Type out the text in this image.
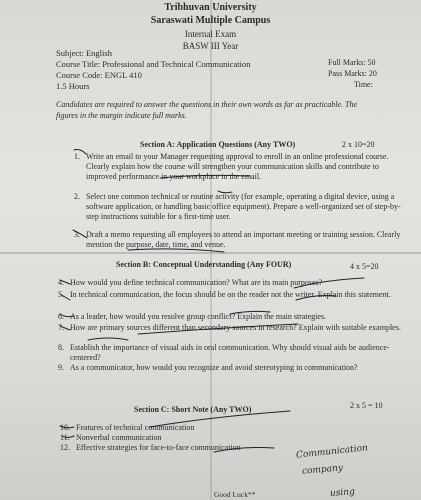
Tribhuvan University
Saraswati Multiple Campus
Internal Exam
BASW III Year
Subject: English
Course Title: Professional and Technical Communication
Course Code: ENGL 410
1.5 Hours
Full Marks: 50
Pass Marks: 20
Time:
Candidates are required to answer the questions in their own words as far as practicable. The
figures in the margin indicate full marks.
Section A: Application Questions (Any TWO)	2 x 10=20
1. Write an email to your Manager requesting approval to enroll in an online professional course. Clearly explain how the course will strengthen your communication skills and contribute to improved performance in your workplace in the email.
2. Select one common technical or routine activity (for example, operating a digital device, using a software application, or handling basic office equipment). Prepare a well-organized set of step-by-step instructions suitable for a first-time user.
3. Draft a memo requesting all employees to attend an important meeting or training session. Clearly mention the purpose, date, time, and venue.
Section B: Conceptual Understanding (Any FOUR)	4 x 5=20
4. How would you define technical communication? What are its main purposes?
5. In technical communication, the focus should be on the reader not the writer. Explain this statement.
6. As a leader, how would you resolve group conflict? Explain the main strategies.
7. How are primary sources different than secondary sources in research? Explain with suitable examples.
8. Establish the importance of visual aids in oral communication. Why should visual aids be audience-centered?
9. As a communicator, how would you recognize and avoid stereotyping in communication?
Section C: Short Note (Any TWO)	2 x 5 = 10
10. Features of technical communication
11. Nonverbal communication
12. Effective strategies for face-to-face communication
Good Luck**
Communication
company
using
